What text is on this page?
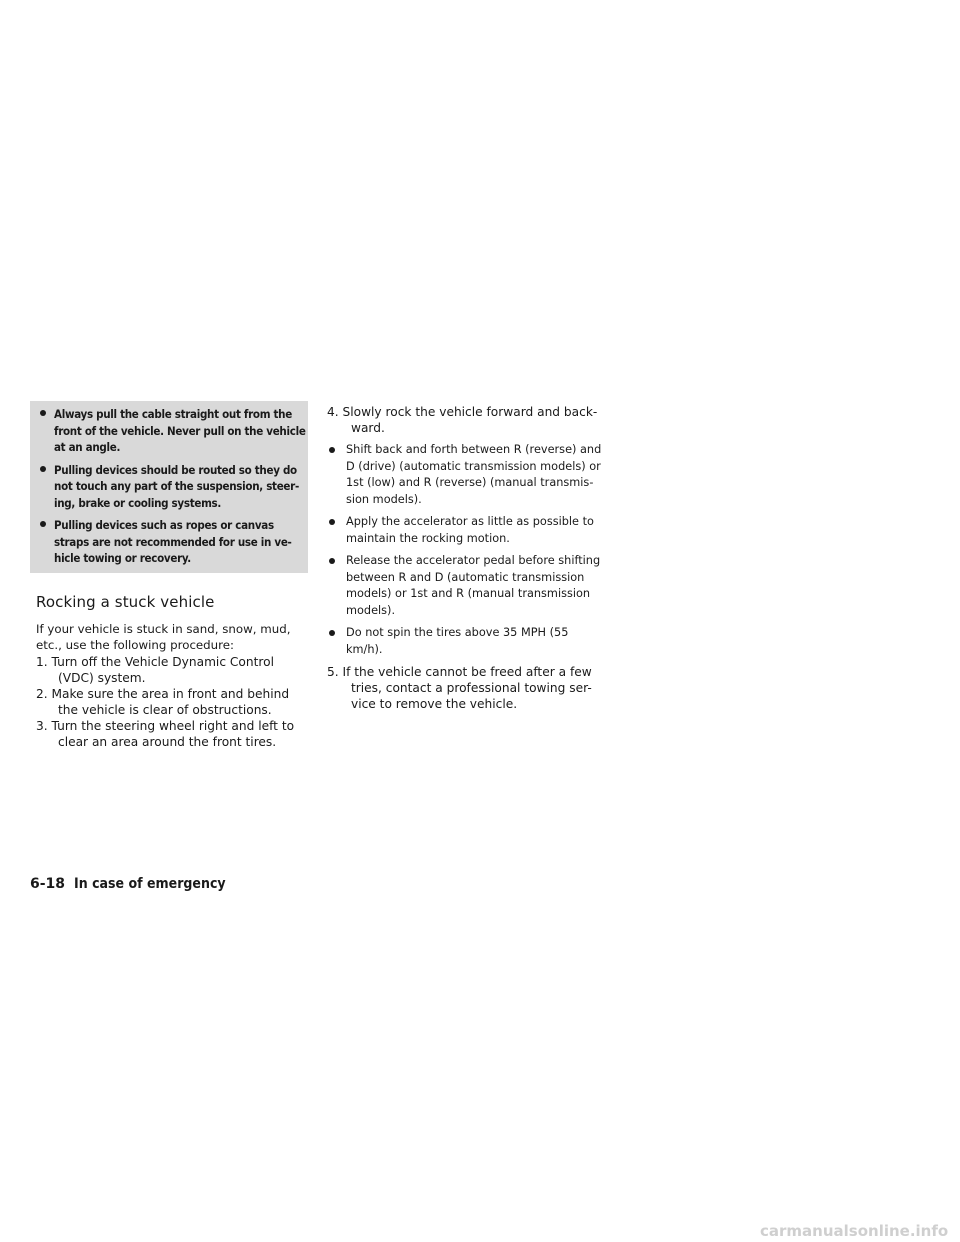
Always pull the cable straight out from the front of the vehicle. Never pull on the vehicle at an angle.
Pulling devices should be routed so they do not touch any part of the suspension, steer-ing, brake or cooling systems.
Pulling devices such as ropes or canvas straps are not recommended for use in ve-hicle towing or recovery.
Rocking a stuck vehicle
If your vehicle is stuck in sand, snow, mud, etc., use the following procedure:
1. Turn off the Vehicle Dynamic Control (VDC) system.
2. Make sure the area in front and behind the vehicle is clear of obstructions.
3. Turn the steering wheel right and left to clear an area around the front tires.
4. Slowly rock the vehicle forward and back-ward.
Shift back and forth between R (reverse) and D (drive) (automatic transmission models) or 1st (low) and R (reverse) (manual transmis-sion models).
Apply the accelerator as little as possible to maintain the rocking motion.
Release the accelerator pedal before shifting between R and D (automatic transmission models) or 1st and R (manual transmission models).
Do not spin the tires above 35 MPH (55 km/h).
5. If the vehicle cannot be freed after a few tries, contact a professional towing ser-vice to remove the vehicle.
6-18 In case of emergency
carmanualsonline.info
